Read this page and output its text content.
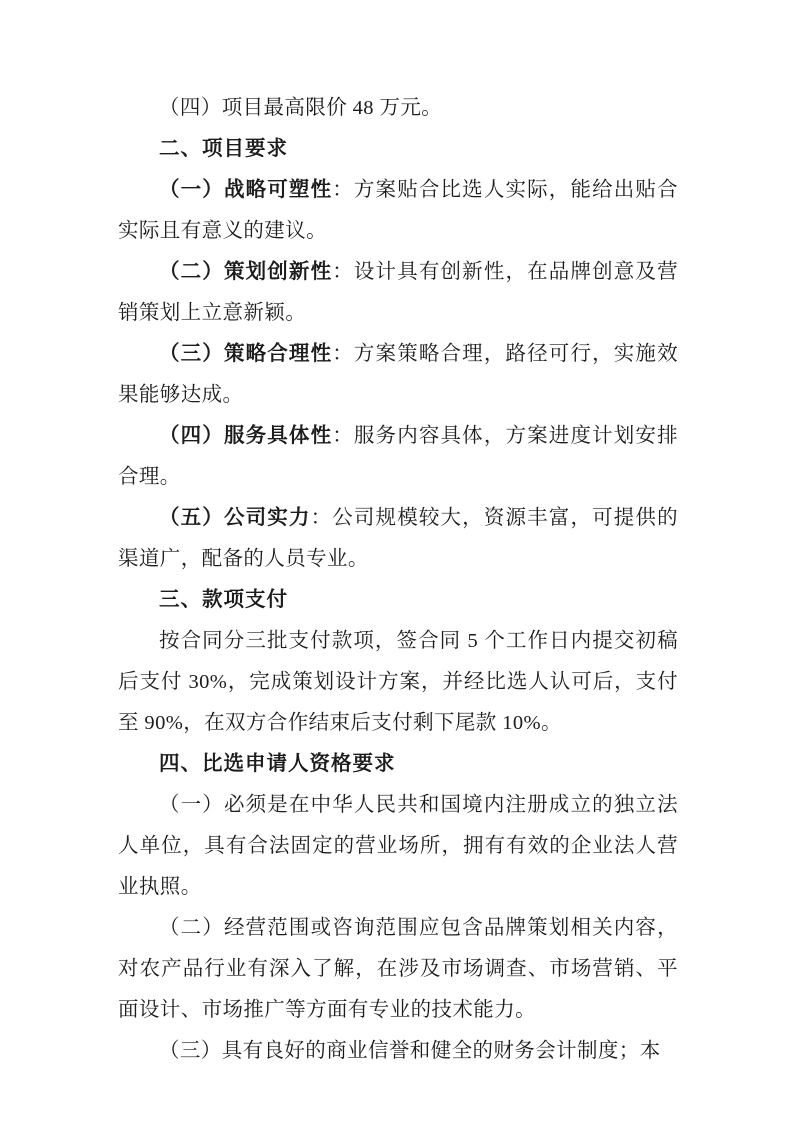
（四）项目最高限价 48 万元。

二、项目要求

（一）战略可塑性：方案贴合比选人实际，能给出贴合实际且有意义的建议。

（二）策划创新性：设计具有创新性，在品牌创意及营销策划上立意新颖。

（三）策略合理性：方案策略合理，路径可行，实施效果能够达成。

（四）服务具体性：服务内容具体，方案进度计划安排合理。

（五）公司实力：公司规模较大，资源丰富，可提供的渠道广，配备的人员专业。

三、款项支付

按合同分三批支付款项，签合同 5 个工作日内提交初稿后支付 30%，完成策划设计方案，并经比选人认可后，支付至 90%，在双方合作结束后支付剩下尾款 10%。

四、比选申请人资格要求

（一）必须是在中华人民共和国境内注册成立的独立法人单位，具有合法固定的营业场所，拥有有效的企业法人营业执照。

（二）经营范围或咨询范围应包含品牌策划相关内容，对农产品行业有深入了解，在涉及市场调查、市场营销、平面设计、市场推广等方面有专业的技术能力。

（三）具有良好的商业信誉和健全的财务会计制度；本
